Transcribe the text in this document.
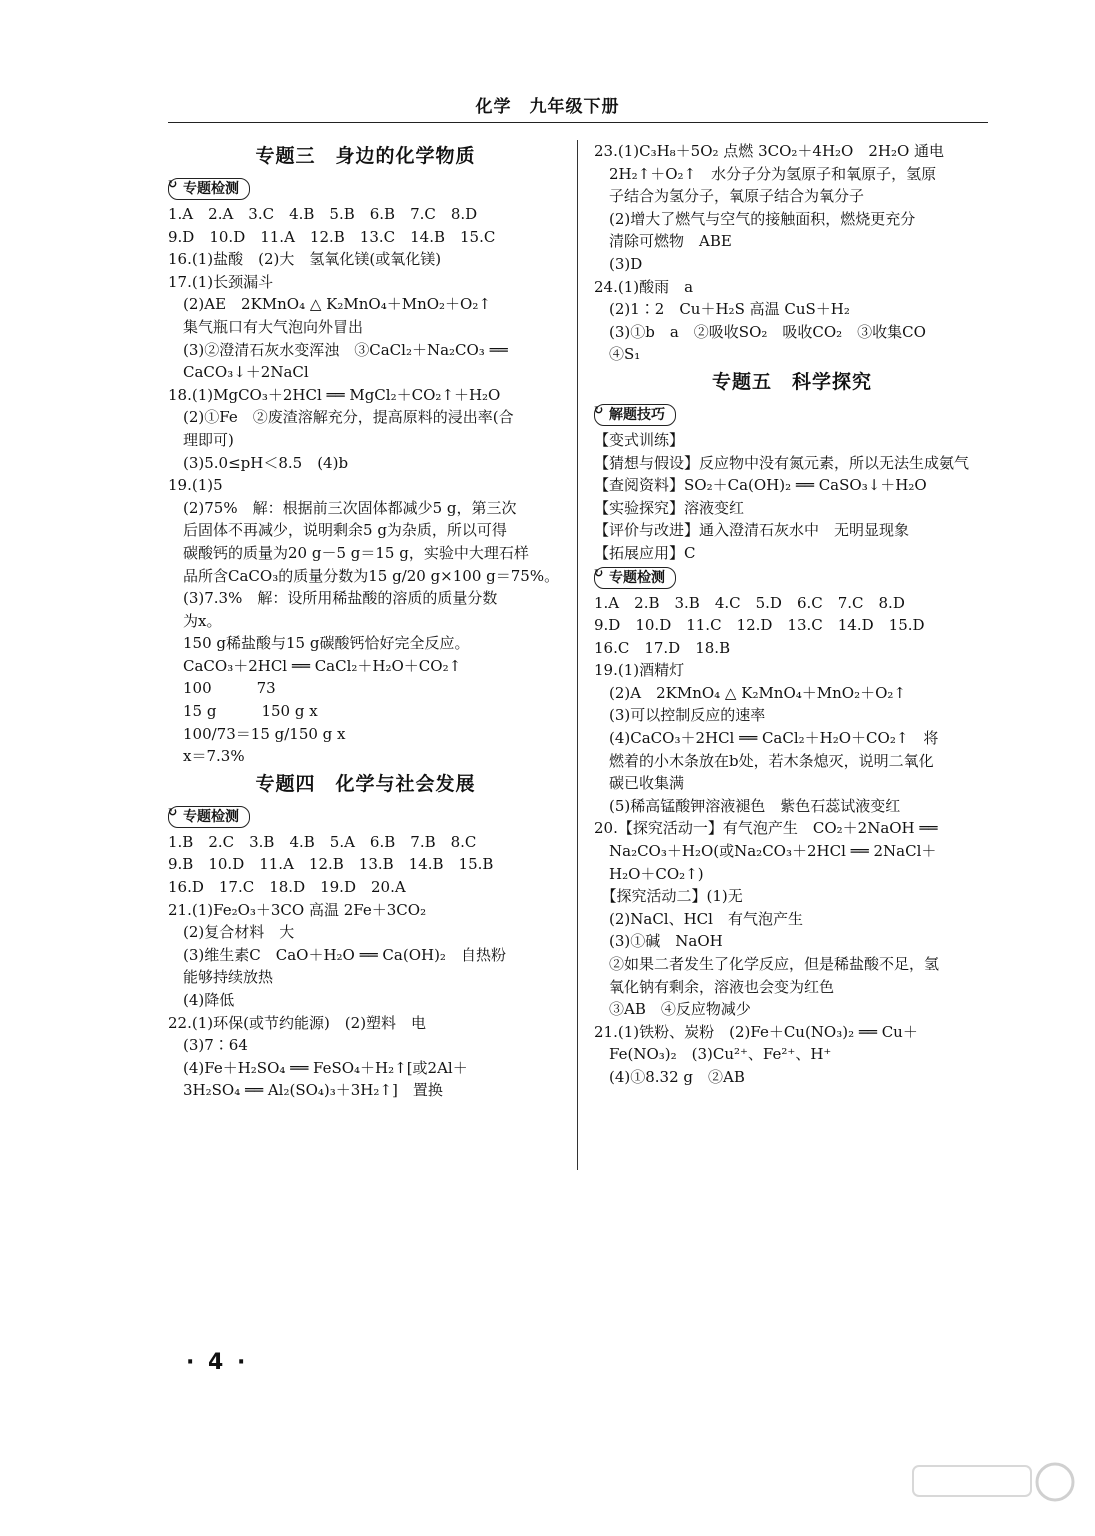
化学　九年级下册
专题三　身边的化学物质
↻ 专题检测
1.A　2.A　3.C　4.B　5.B　6.B　7.C　8.D
9.D　10.D　11.A　12.B　13.C　14.B　15.C
16.(1)盐酸　(2)大　氢氧化镁(或氧化镁)
17.(1)长颈漏斗
　(2)AE　2KMnO₄ △ K₂MnO₄＋MnO₂＋O₂↑
　集气瓶口有大气泡向外冒出
　(3)②澄清石灰水变浑浊　③CaCl₂＋Na₂CO₃ ══
　CaCO₃↓＋2NaCl
18.(1)MgCO₃＋2HCl ══ MgCl₂＋CO₂↑＋H₂O
　(2)①Fe　②废渣溶解充分，提高原料的浸出率(合
　理即可)
　(3)5.0≤pH＜8.5　(4)b
19.(1)5
　(2)75%　解：根据前三次固体都减少5 g，第三次
　后固体不再减少，说明剩余5 g为杂质，所以可得
　碳酸钙的质量为20 g－5 g＝15 g，实验中大理石样
　品所含CaCO₃的质量分数为15 g/20 g×100 g＝75%。
　(3)7.3%　解：设所用稀盐酸的溶质的质量分数
　为x。
　150 g稀盐酸与15 g碳酸钙恰好完全反应。
　CaCO₃＋2HCl ══ CaCl₂＋H₂O＋CO₂↑
　100　　　73
　15 g　　　150 g x
　100/73＝15 g/150 g x
　x＝7.3%
专题四　化学与社会发展
↻ 专题检测
1.B　2.C　3.B　4.B　5.A　6.B　7.B　8.C
9.B　10.D　11.A　12.B　13.B　14.B　15.B
16.D　17.C　18.D　19.D　20.A
21.(1)Fe₂O₃＋3CO 高温 2Fe＋3CO₂
　(2)复合材料　大
　(3)维生素C　CaO＋H₂O ══ Ca(OH)₂　自热粉
　能够持续放热
　(4)降低
22.(1)环保(或节约能源)　(2)塑料　电
　(3)7∶64
　(4)Fe＋H₂SO₄ ══ FeSO₄＋H₂↑[或2Al＋
　3H₂SO₄ ══ Al₂(SO₄)₃＋3H₂↑]　置换
23.(1)C₃H₈＋5O₂ 点燃 3CO₂＋4H₂O　2H₂O 通电
　2H₂↑＋O₂↑　水分子分为氢原子和氧原子，氢原
　子结合为氢分子，氧原子结合为氧分子
　(2)增大了燃气与空气的接触面积，燃烧更充分
　清除可燃物　ABE
　(3)D
24.(1)酸雨　a
　(2)1∶2　Cu＋H₂S 高温 CuS＋H₂
　(3)①b　a　②吸收SO₂　吸收CO₂　③收集CO
　④S₁
专题五　科学探究
↻ 解题技巧
【变式训练】
【猜想与假设】反应物中没有氮元素，所以无法生成氨气
【查阅资料】SO₂＋Ca(OH)₂ ══ CaSO₃↓＋H₂O
【实验探究】溶液变红
【评价与改进】通入澄清石灰水中　无明显现象
【拓展应用】C
↻ 专题检测
1.A　2.B　3.B　4.C　5.D　6.C　7.C　8.D
9.D　10.D　11.C　12.D　13.C　14.D　15.D
16.C　17.D　18.B
19.(1)酒精灯
　(2)A　2KMnO₄ △ K₂MnO₄＋MnO₂＋O₂↑
　(3)可以控制反应的速率
　(4)CaCO₃＋2HCl ══ CaCl₂＋H₂O＋CO₂↑　将
　燃着的小木条放在b处，若木条熄灭，说明二氧化
　碳已收集满
　(5)稀高锰酸钾溶液褪色　紫色石蕊试液变红
20.【探究活动一】有气泡产生　CO₂＋2NaOH ══
　Na₂CO₃＋H₂O(或Na₂CO₃＋2HCl ══ 2NaCl＋
　H₂O＋CO₂↑)
　【探究活动二】(1)无
　(2)NaCl、HCl　有气泡产生
　(3)①碱　NaOH
　②如果二者发生了化学反应，但是稀盐酸不足，氢
　氧化钠有剩余，溶液也会变为红色
　③AB　④反应物减少
21.(1)铁粉、炭粉　(2)Fe＋Cu(NO₃)₂ ══ Cu＋
　Fe(NO₃)₂　(3)Cu²⁺、Fe²⁺、H⁺
　(4)①8.32 g　②AB
· 4 ·
